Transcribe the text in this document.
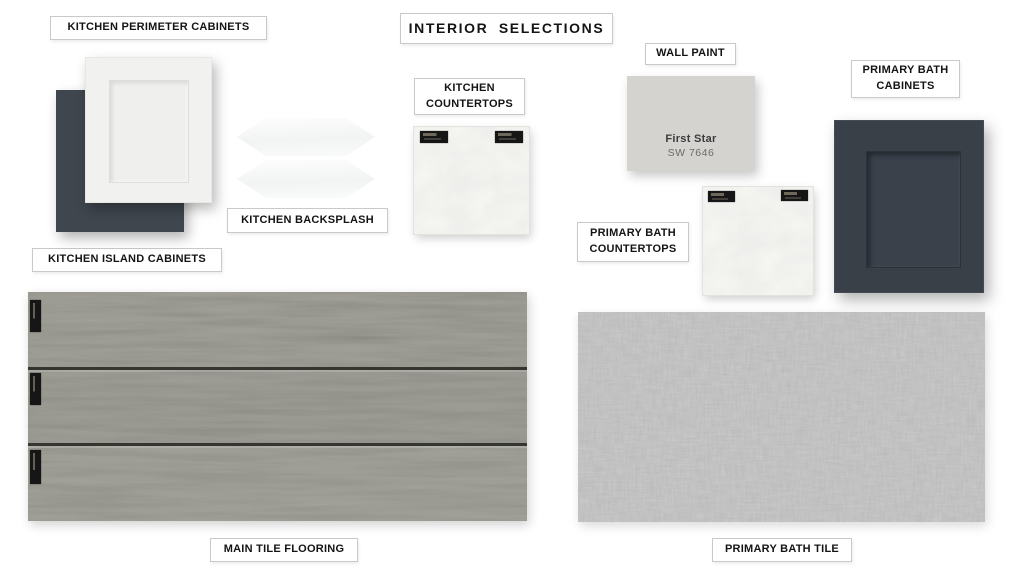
INTERIOR SELECTIONS
KITCHEN PERIMETER CABINETS
KITCHEN ISLAND CABINETS
KITCHEN BACKSPLASH
KITCHEN COUNTERTOPS
WALL PAINT
PRIMARY BATH CABINETS
PRIMARY BATH COUNTERTOPS
MAIN TILE FLOORING	PRIMARY BATH TILE
First Star
SW 7646
